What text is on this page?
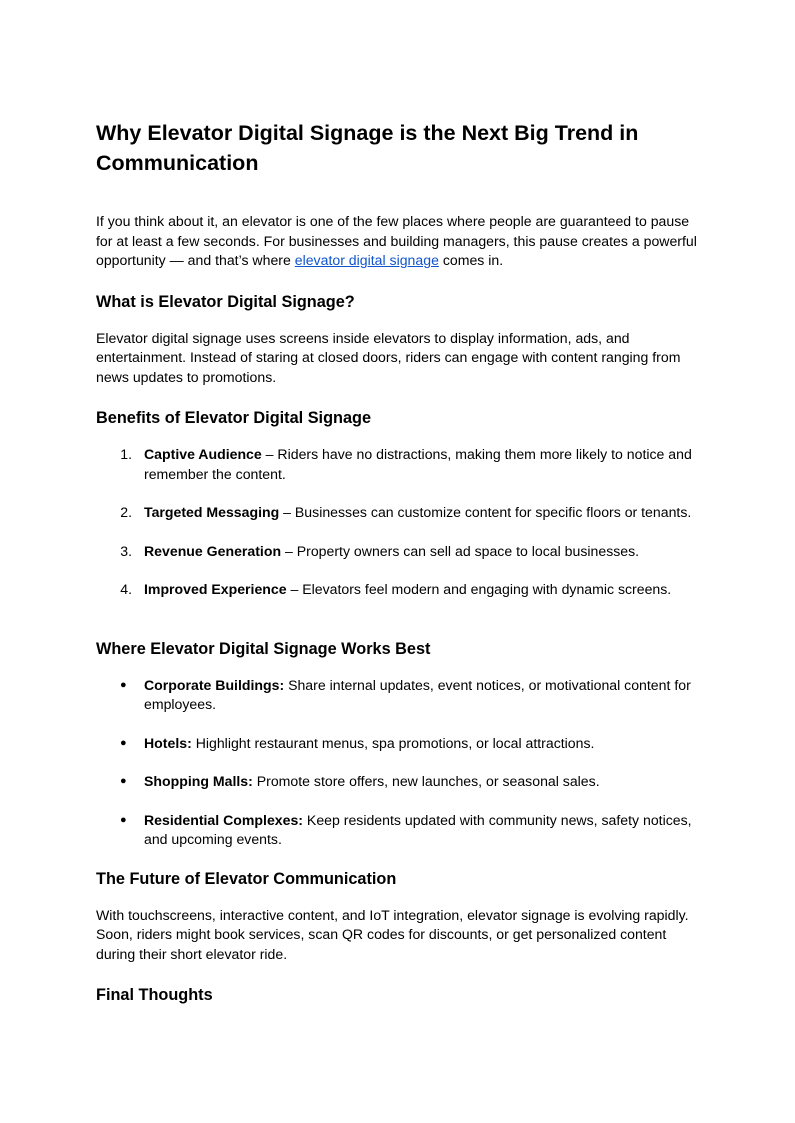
Why Elevator Digital Signage is the Next Big Trend in Communication

If you think about it, an elevator is one of the few places where people are guaranteed to pause for at least a few seconds. For businesses and building managers, this pause creates a powerful opportunity — and that’s where elevator digital signage comes in.

What is Elevator Digital Signage?

Elevator digital signage uses screens inside elevators to display information, ads, and entertainment. Instead of staring at closed doors, riders can engage with content ranging from news updates to promotions.

Benefits of Elevator Digital Signage
1. Captive Audience – Riders have no distractions, making them more likely to notice and remember the content.
2. Targeted Messaging – Businesses can customize content for specific floors or tenants.
3. Revenue Generation – Property owners can sell ad space to local businesses.
4. Improved Experience – Elevators feel modern and engaging with dynamic screens.
Where Elevator Digital Signage Works Best
● Corporate Buildings: Share internal updates, event notices, or motivational content for employees.
● Hotels: Highlight restaurant menus, spa promotions, or local attractions.
● Shopping Malls: Promote store offers, new launches, or seasonal sales.
● Residential Complexes: Keep residents updated with community news, safety notices, and upcoming events.
The Future of Elevator Communication

With touchscreens, interactive content, and IoT integration, elevator signage is evolving rapidly. Soon, riders might book services, scan QR codes for discounts, or get personalized content during their short elevator ride.

Final Thoughts
